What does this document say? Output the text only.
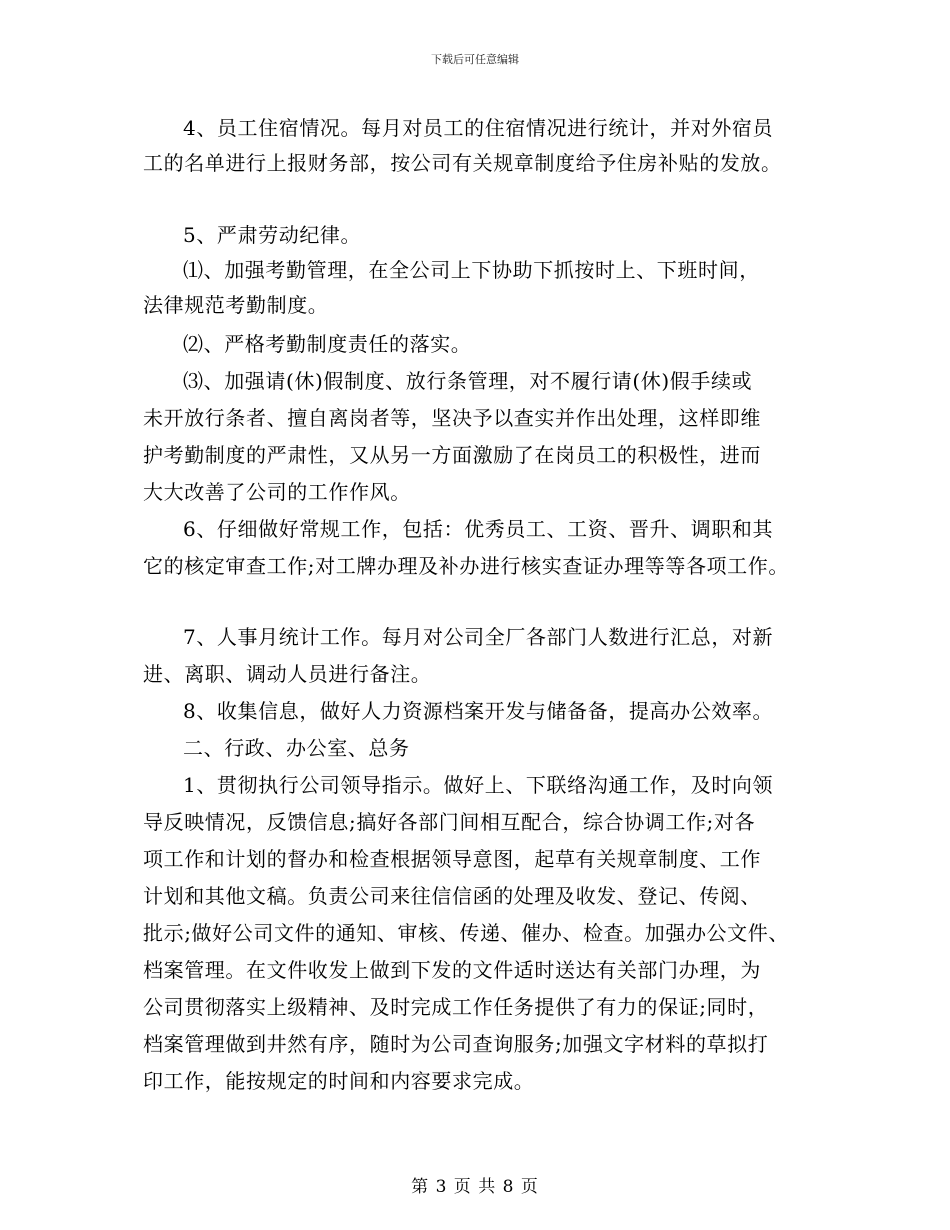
下载后可任意编辑
4、员工住宿情况。每月对员工的住宿情况进行统计，并对外宿员
工的名单进行上报财务部，按公司有关规章制度给予住房补贴的发放。
5、严肃劳动纪律。
⑴、加强考勤管理，在全公司上下协助下抓按时上、下班时间，
法律规范考勤制度。
⑵、严格考勤制度责任的落实。
⑶、加强请(休)假制度、放行条管理，对不履行请(休)假手续或
未开放行条者、擅自离岗者等，坚决予以查实并作出处理，这样即维
护考勤制度的严肃性，又从另一方面激励了在岗员工的积极性，进而
大大改善了公司的工作作风。
6、仔细做好常规工作，包括：优秀员工、工资、晋升、调职和其
它的核定审查工作;对工牌办理及补办进行核实查证办理等等各项工作。
7、人事月统计工作。每月对公司全厂各部门人数进行汇总，对新
进、离职、调动人员进行备注。
8、收集信息，做好人力资源档案开发与储备备，提高办公效率。
二、行政、办公室、总务
1、贯彻执行公司领导指示。做好上、下联络沟通工作，及时向领
导反映情况，反馈信息;搞好各部门间相互配合，综合协调工作;对各
项工作和计划的督办和检查根据领导意图，起草有关规章制度、工作
计划和其他文稿。负责公司来往信信函的处理及收发、登记、传阅、
批示;做好公司文件的通知、审核、传递、催办、检查。加强办公文件、
档案管理。在文件收发上做到下发的文件适时送达有关部门办理，为
公司贯彻落实上级精神、及时完成工作任务提供了有力的保证;同时，
档案管理做到井然有序，随时为公司查询服务;加强文字材料的草拟打
印工作，能按规定的时间和内容要求完成。
第 3 页 共 8 页
